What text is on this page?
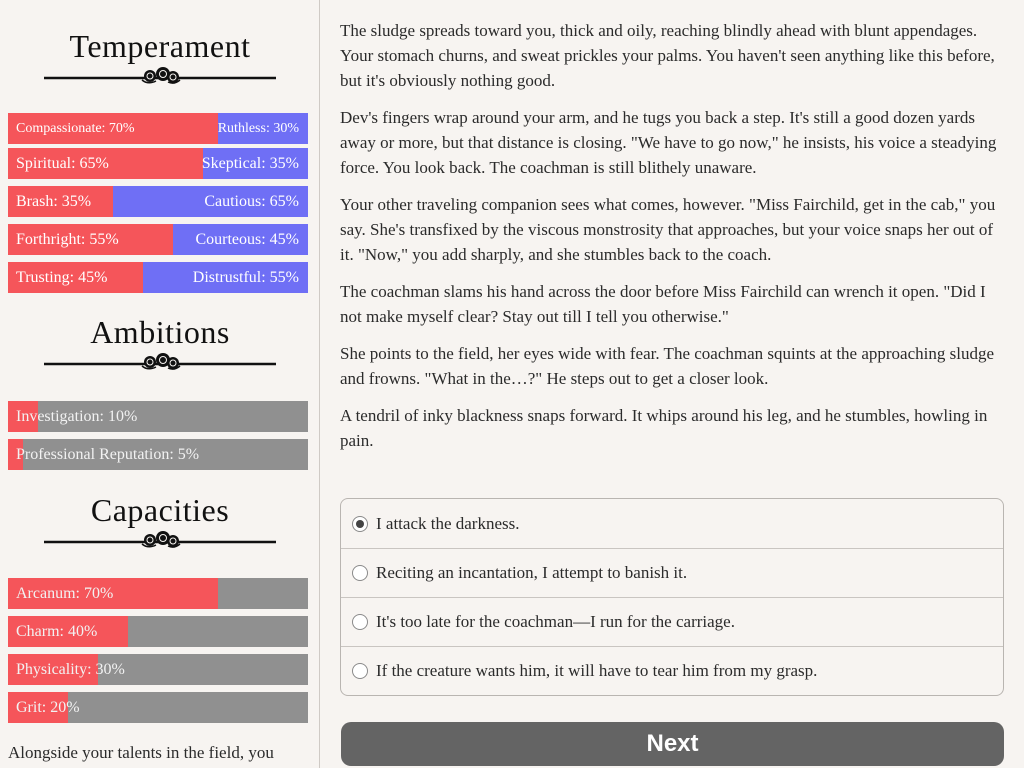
Temperament
Compassionate: 70%	Ruthless: 30%
Spiritual: 65%	Skeptical: 35%
Brash: 35%	Cautious: 65%
Forthright: 55%	Courteous: 45%
Trusting: 45%	Distrustful: 55%
Ambitions
Investigation: 10%
Professional Reputation: 5%
Capacities
Arcanum: 70%
Charm: 40%
Physicality: 30%
Grit: 20%
Alongside your talents in the field, you

The sludge spreads toward you, thick and oily, reaching blindly ahead with blunt appendages. Your stomach churns, and sweat prickles your palms. You haven't seen anything like this before, but it's obviously nothing good.

Dev's fingers wrap around your arm, and he tugs you back a step. It's still a good dozen yards away or more, but that distance is closing. "We have to go now," he insists, his voice a steadying force. You look back. The coachman is still blithely unaware.

Your other traveling companion sees what comes, however. "Miss Fairchild, get in the cab," you say. She's transfixed by the viscous monstrosity that approaches, but your voice snaps her out of it. "Now," you add sharply, and she stumbles back to the coach.

The coachman slams his hand across the door before Miss Fairchild can wrench it open. "Did I not make myself clear? Stay out till I tell you otherwise."

She points to the field, her eyes wide with fear. The coachman squints at the approaching sludge and frowns. "What in the…?" He steps out to get a closer look.

A tendril of inky blackness snaps forward. It whips around his leg, and he stumbles, howling in pain.

I attack the darkness.
Reciting an incantation, I attempt to banish it.
It's too late for the coachman—I run for the carriage.
If the creature wants him, it will have to tear him from my grasp.
Next
